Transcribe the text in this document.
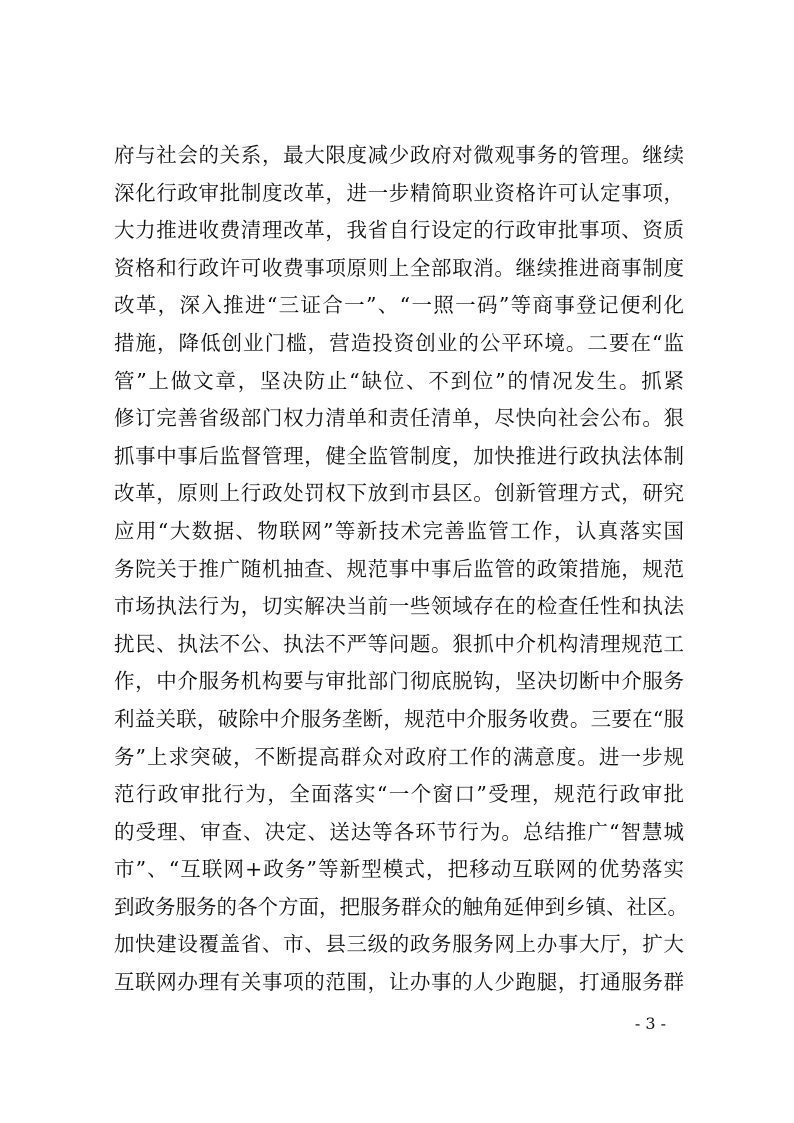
府与社会的关系，最大限度减少政府对微观事务的管理。继续
深化行政审批制度改革，进一步精简职业资格许可认定事项，
大力推进收费清理改革，我省自行设定的行政审批事项、资质
资格和行政许可收费事项原则上全部取消。继续推进商事制度
改革，深入推进“三证合一”、“一照一码”等商事登记便利化
措施，降低创业门槛，营造投资创业的公平环境。二要在“监
管”上做文章，坚决防止“缺位、不到位”的情况发生。抓紧
修订完善省级部门权力清单和责任清单，尽快向社会公布。狠
抓事中事后监督管理，健全监管制度，加快推进行政执法体制
改革，原则上行政处罚权下放到市县区。创新管理方式，研究
应用“大数据、物联网”等新技术完善监管工作，认真落实国
务院关于推广随机抽查、规范事中事后监管的政策措施，规范
市场执法行为，切实解决当前一些领域存在的检查任性和执法
扰民、执法不公、执法不严等问题。狠抓中介机构清理规范工
作，中介服务机构要与审批部门彻底脱钩，坚决切断中介服务
利益关联，破除中介服务垄断，规范中介服务收费。三要在“服
务”上求突破，不断提高群众对政府工作的满意度。进一步规
范行政审批行为，全面落实“一个窗口”受理，规范行政审批
的受理、审查、决定、送达等各环节行为。总结推广“智慧城
市”、“互联网+政务”等新型模式，把移动互联网的优势落实
到政务服务的各个方面，把服务群众的触角延伸到乡镇、社区。
加快建设覆盖省、市、县三级的政务服务网上办事大厅，扩大
互联网办理有关事项的范围，让办事的人少跑腿，打通服务群
- 3 -
